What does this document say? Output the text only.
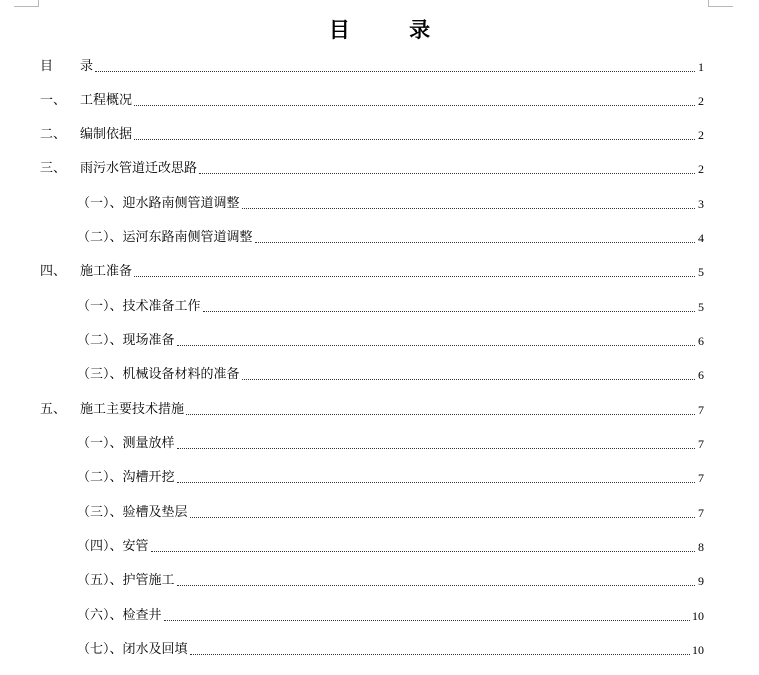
目 录
目	录	1
一、	工程概况	2
二、	编制依据	2
三、	雨污水管道迁改思路	2
（一）、 迎水路南侧管道调整	3
（二）、 运河东路南侧管道调整	4
四、	施工准备	5
（一）、 技术准备工作	5
（二）、 现场准备	6
（三）、 机械设备材料的准备	6
五、	施工主要技术措施	7
（一）、 测量放样	7
（二）、 沟槽开挖	7
（三）、 验槽及垫层	7
（四）、 安管	8
（五）、 护管施工	9
（六）、 检查井	10
（七）、 闭水及回填	10
